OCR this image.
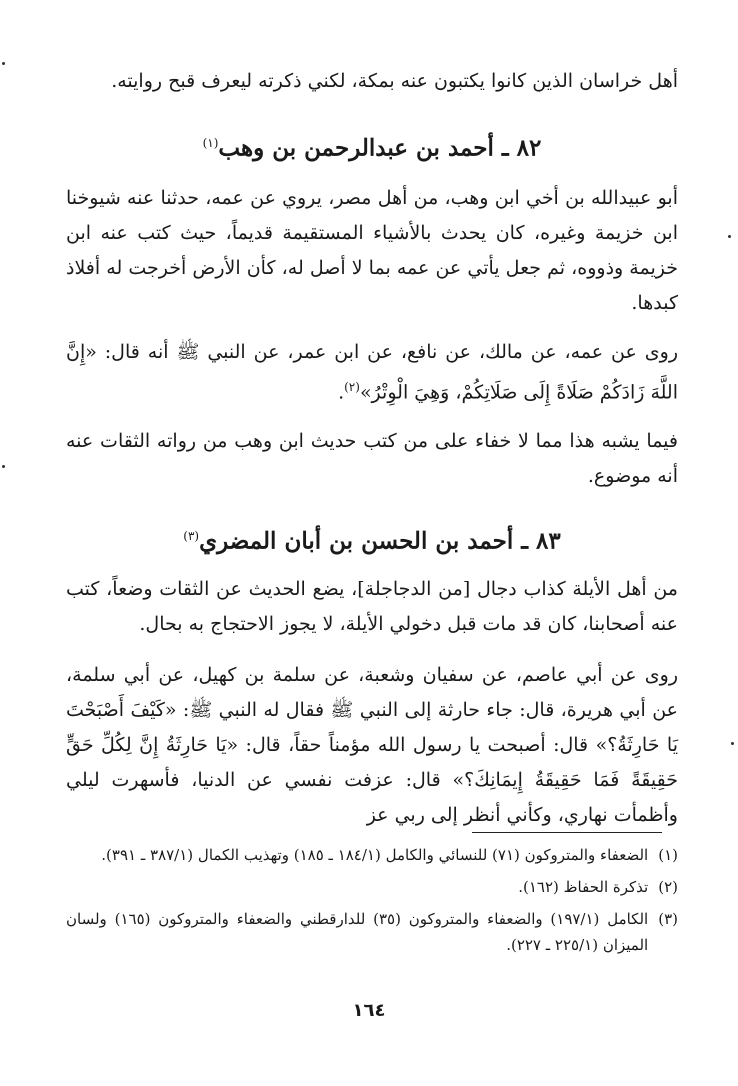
أهل خراسان الذين كانوا يكتبون عنه بمكة، لكني ذكرته ليعرف قبح روايته.

٨٢ ـ أحمد بن عبدالرحمن بن وهب$^{(١)}$

أبو عبيدالله بن أخي ابن وهب، من أهل مصر، يروي عن عمه، حدثنا عنه شيوخنا ابن خزيمة وغيره، كان يحدث بالأشياء المستقيمة قديماً، حيث كتب عنه ابن خزيمة وذووه، ثم جعل يأتي عن عمه بما لا أصل له، كأن الأرض أخرجت له أفلاذ كبدها.

روى عن عمه، عن مالك، عن نافع، عن ابن عمر، عن النبي ﷺ أنه قال: «إِنَّ اللَّهَ زَادَكُمْ صَلَاةً إِلَى صَلَاتِكُمْ، وَهِيَ الْوِتْرُ»$^{(٢)}$.

فيما يشبه هذا مما لا خفاء على من كتب حديث ابن وهب من رواته الثقات عنه أنه موضوع.

٨٣ ـ أحمد بن الحسن بن أبان المضري$^{(٣)}$

من أهل الأيلة كذاب دجال [من الدجاجلة]، يضع الحديث عن الثقات وضعاً، كتب عنه أصحابنا، كان قد مات قبل دخولي الأيلة، لا يجوز الاحتجاج به بحال.

روى عن أبي عاصم، عن سفيان وشعبة، عن سلمة بن كهيل، عن أبي سلمة، عن أبي هريرة، قال: جاء حارثة إلى النبي ﷺ فقال له النبي ﷺ: «كَيْفَ أَصْبَحْتَ يَا حَارِثَةُ؟» قال: أصبحت يا رسول الله مؤمناً حقاً، قال: «يَا حَارِثَةُ إِنَّ لِكُلِّ حَقٍّ حَقِيقَةً فَمَا حَقِيقَةُ إِيمَانِكَ؟» قال: عزفت نفسي عن الدنيا، فأسهرت ليلي وأظمأت نهاري، وكأني أنظر إلى ربي عز

(١)
الضعفاء والمتروكون (٧١) للنسائي والكامل (١٨٤/١ ـ ١٨٥) وتهذيب الكمال (٣٨٧/١ ـ ٣٩١).

(٢)
تذكرة الحفاظ (١٦٢).

(٣)
الكامل (١٩٧/١) والضعفاء والمتروكون (٣٥) للدارقطني والضعفاء والمتروكون (١٦٥) ولسان الميزان (٢٢٥/١ ـ ٢٢٧).

١٦٤
